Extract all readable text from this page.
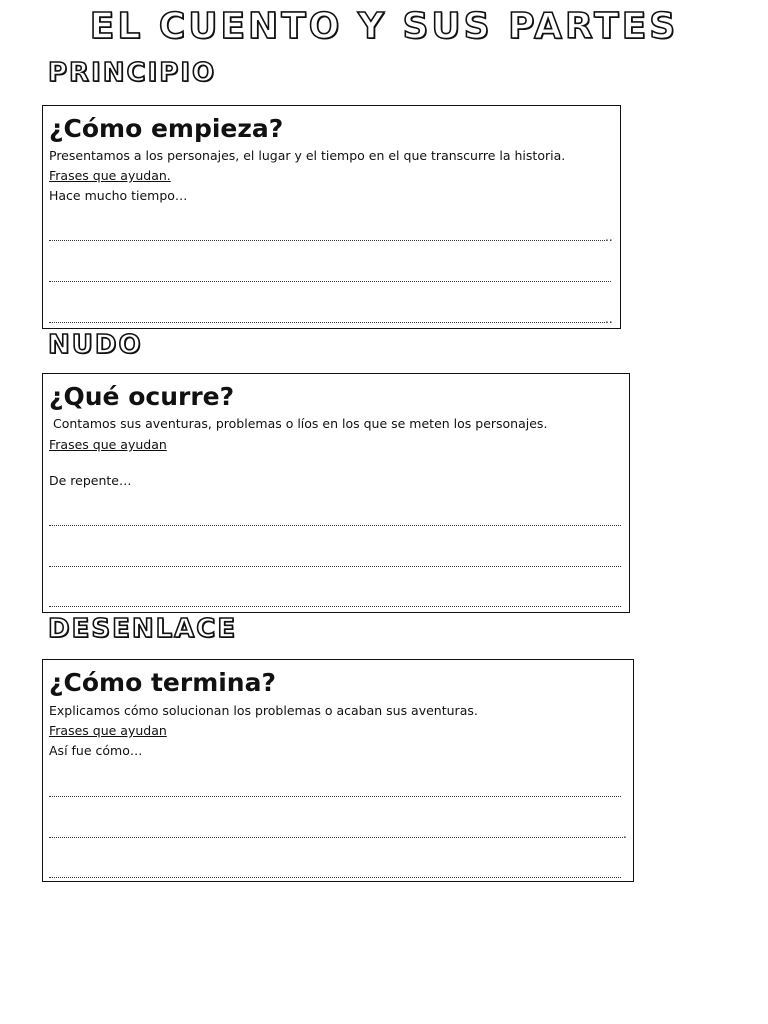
EL CUENTO Y SUS PARTES
PRINCIPIO
¿Cómo empieza?
Presentamos a los personajes, el lugar y el tiempo en el que transcurre la historia.
Frases que ayudan.
Hace mucho tiempo…
..
..
NUDO
¿Qué ocurre?
Contamos sus aventuras, problemas o líos en los que se meten los personajes.
Frases que ayudan
De repente…
DESENLACE
¿Cómo termina?
Explicamos cómo solucionan los problemas o acaban sus aventuras.
Frases que ayudan
Así fue cómo…
.
